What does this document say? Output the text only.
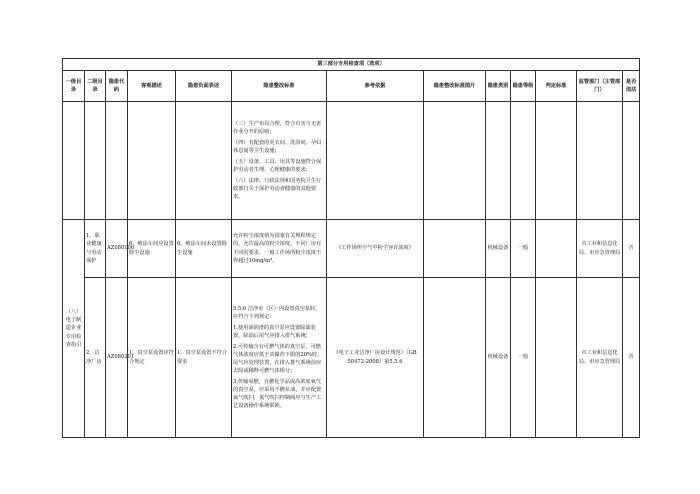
第三部分专用检查项（选项）												
一级目录	二级目录	隐患代码	客观描述	隐患负面表述	隐患整改标准	参考依据	隐患整改标准图片	隐患类别	隐患等级	判定标准	监管部门（主管部门）	是否违法

					（三）生产布局合理，符合有害与无害作业分开的原则；
（四）有配套的更衣间、洗浴间、孕妇休息间等卫生设施；
（五）设备、工具、用具等设施符合保护劳动者生理、心理健康的要求；
（六）法律、行政法规和国务院卫生行政部门关于保护劳动者健康的其他要求。							

（八）电子制造企业专用检查指引	1、职业健康与劳动保护	AZ080106	6、喷涂车间应设置除尘设施	6、喷涂车间未设置除尘设施	允许粉尘浓度值为国家有关规程规定的，允许最高的粉尘浓度，不同厂房有不同的要求，一般工作场所粉尘浓度不得超过10mg/m³。	《工作场所空气中粉尘容许浓度》		机械设备	一般		市工业和信息化局、市应急管理局	否
	2、洁净厂房	AZ080201	1、真空泵设置应符合规定	1、真空泵设置不符合要求	5.5.6 洁净室（区）内设置真空泵时，应符合下列规定：
1.使用油润滑的真空泵应设置除油装置，除油后尾气应排入排气系统；
2.可传输含有可燃气体的真空泵，可燃气体浓度应低于其爆炸下限的20%时，尾气应处理装置，在排入排气系统前应去除或稀释可燃气体组分；
3.传输易燃，自燃化学品或高浓度氧气的真空泵，应采用不燃泵油，并应配置氮气吹扫，氮气吹扫控制阀应与生产工艺设备操作系统联锁。	《电子工业洁净厂房设计规范》（GB 50472-2008）第5.5.6		机械设备	一般		市工业和信息化局、市应急管理局	否
